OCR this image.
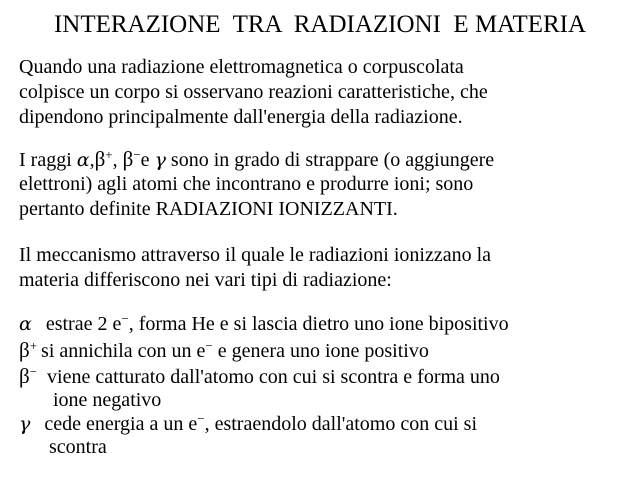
INTERAZIONE  TRA  RADIAZIONI  E MATERIA
Quando una radiazione elettromagnetica o corpuscolata
colpisce un corpo si osservano reazioni caratteristiche, che
dipendono principalmente dall'energia della radiazione.
I raggi α,β+, β−e γ sono in grado di strappare (o aggiungere
elettroni) agli atomi che incontrano e produrre ioni; sono
pertanto definite RADIAZIONI IONIZZANTI.
Il meccanismo attraverso il quale le radiazioni ionizzano la
materia differiscono nei vari tipi di radiazione:
α estrae 2 e−, forma He e si lascia dietro uno ione bipositivo
β+ si annichila con un e− e genera uno ione positivo
β− viene catturato dall'atomo con cui si scontra e forma uno
ione negativo
γ cede energia a un e−, estraendolo dall'atomo con cui si
scontra
